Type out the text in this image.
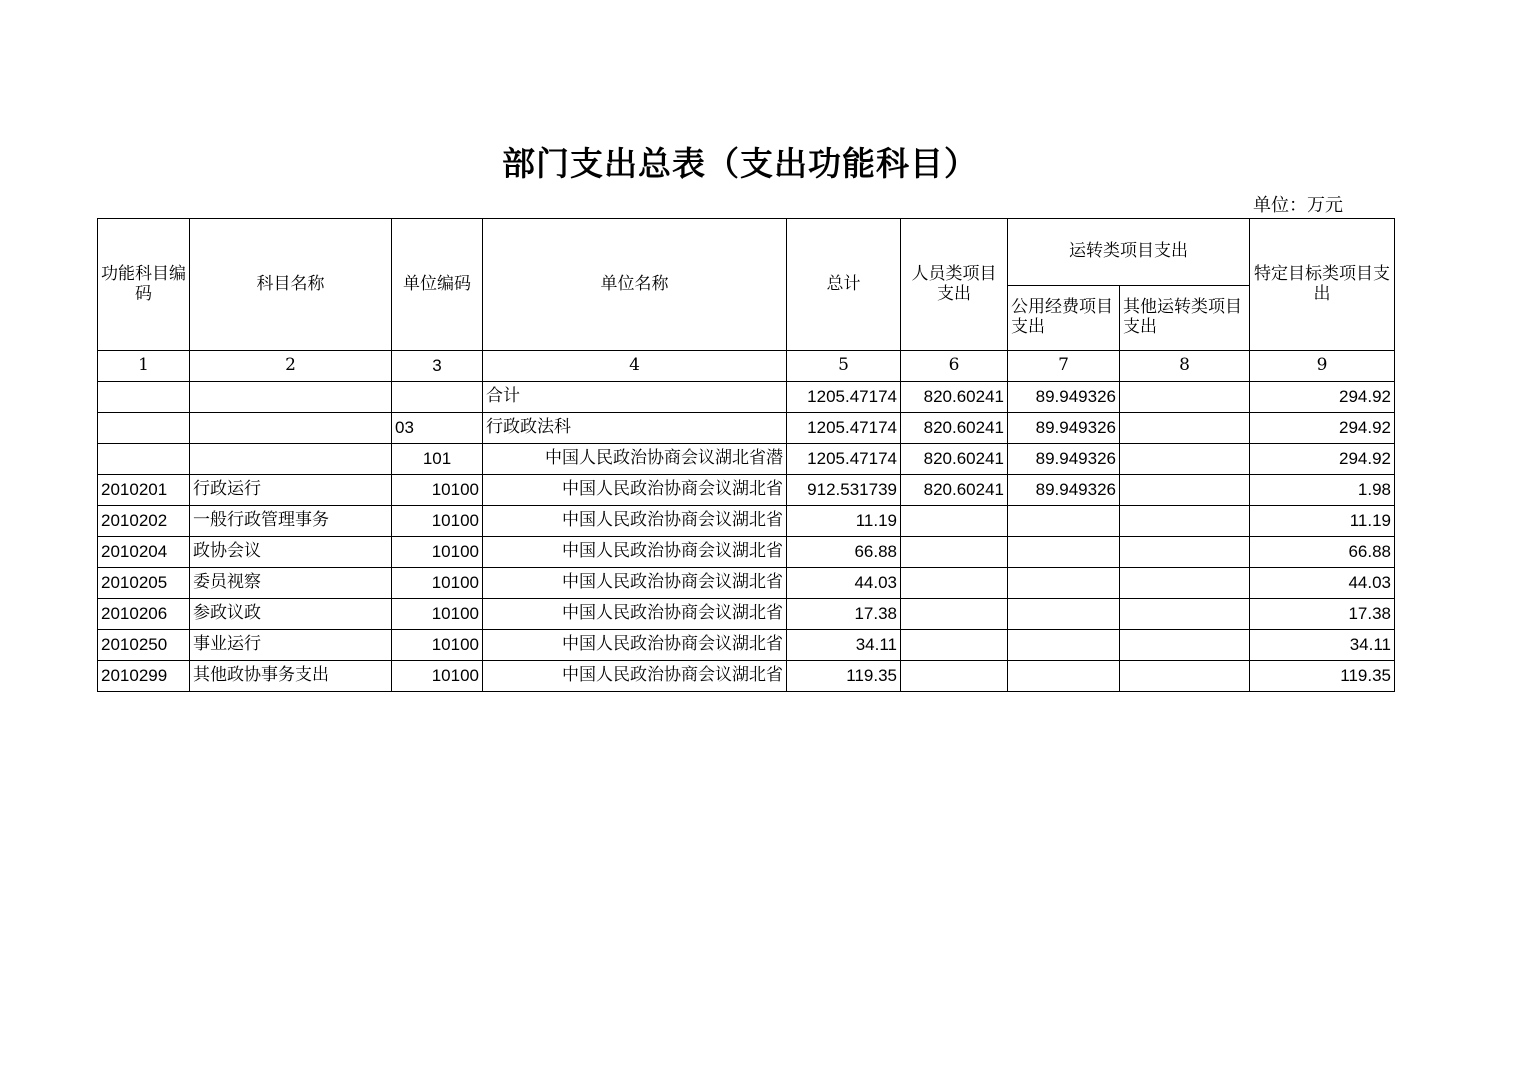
部门支出总表（支出功能科目）
单位：万元
功能科目编码	科目名称	单位编码	单位名称	总计	人员类项目支出	运转类项目支出		特定目标类项目支出
						公用经费项目支出	其他运转类项目支出	
1	2	3	4	5	6	7	8	9
			合计	1205.47174	820.60241	89.949326		294.92
		03	行政政法科	1205.47174	820.60241	89.949326		294.92
		101	中国人民政治协商会议湖北省潜	1205.47174	820.60241	89.949326		294.92
2010201	行政运行	10100	中国人民政治协商会议湖北省	912.531739	820.60241	89.949326		1.98
2010202	一般行政管理事务	10100	中国人民政治协商会议湖北省	11.19				11.19
2010204	政协会议	10100	中国人民政治协商会议湖北省	66.88				66.88
2010205	委员视察	10100	中国人民政治协商会议湖北省	44.03				44.03
2010206	参政议政	10100	中国人民政治协商会议湖北省	17.38				17.38
2010250	事业运行	10100	中国人民政治协商会议湖北省	34.11				34.11
2010299	其他政协事务支出	10100	中国人民政治协商会议湖北省	119.35				119.35
